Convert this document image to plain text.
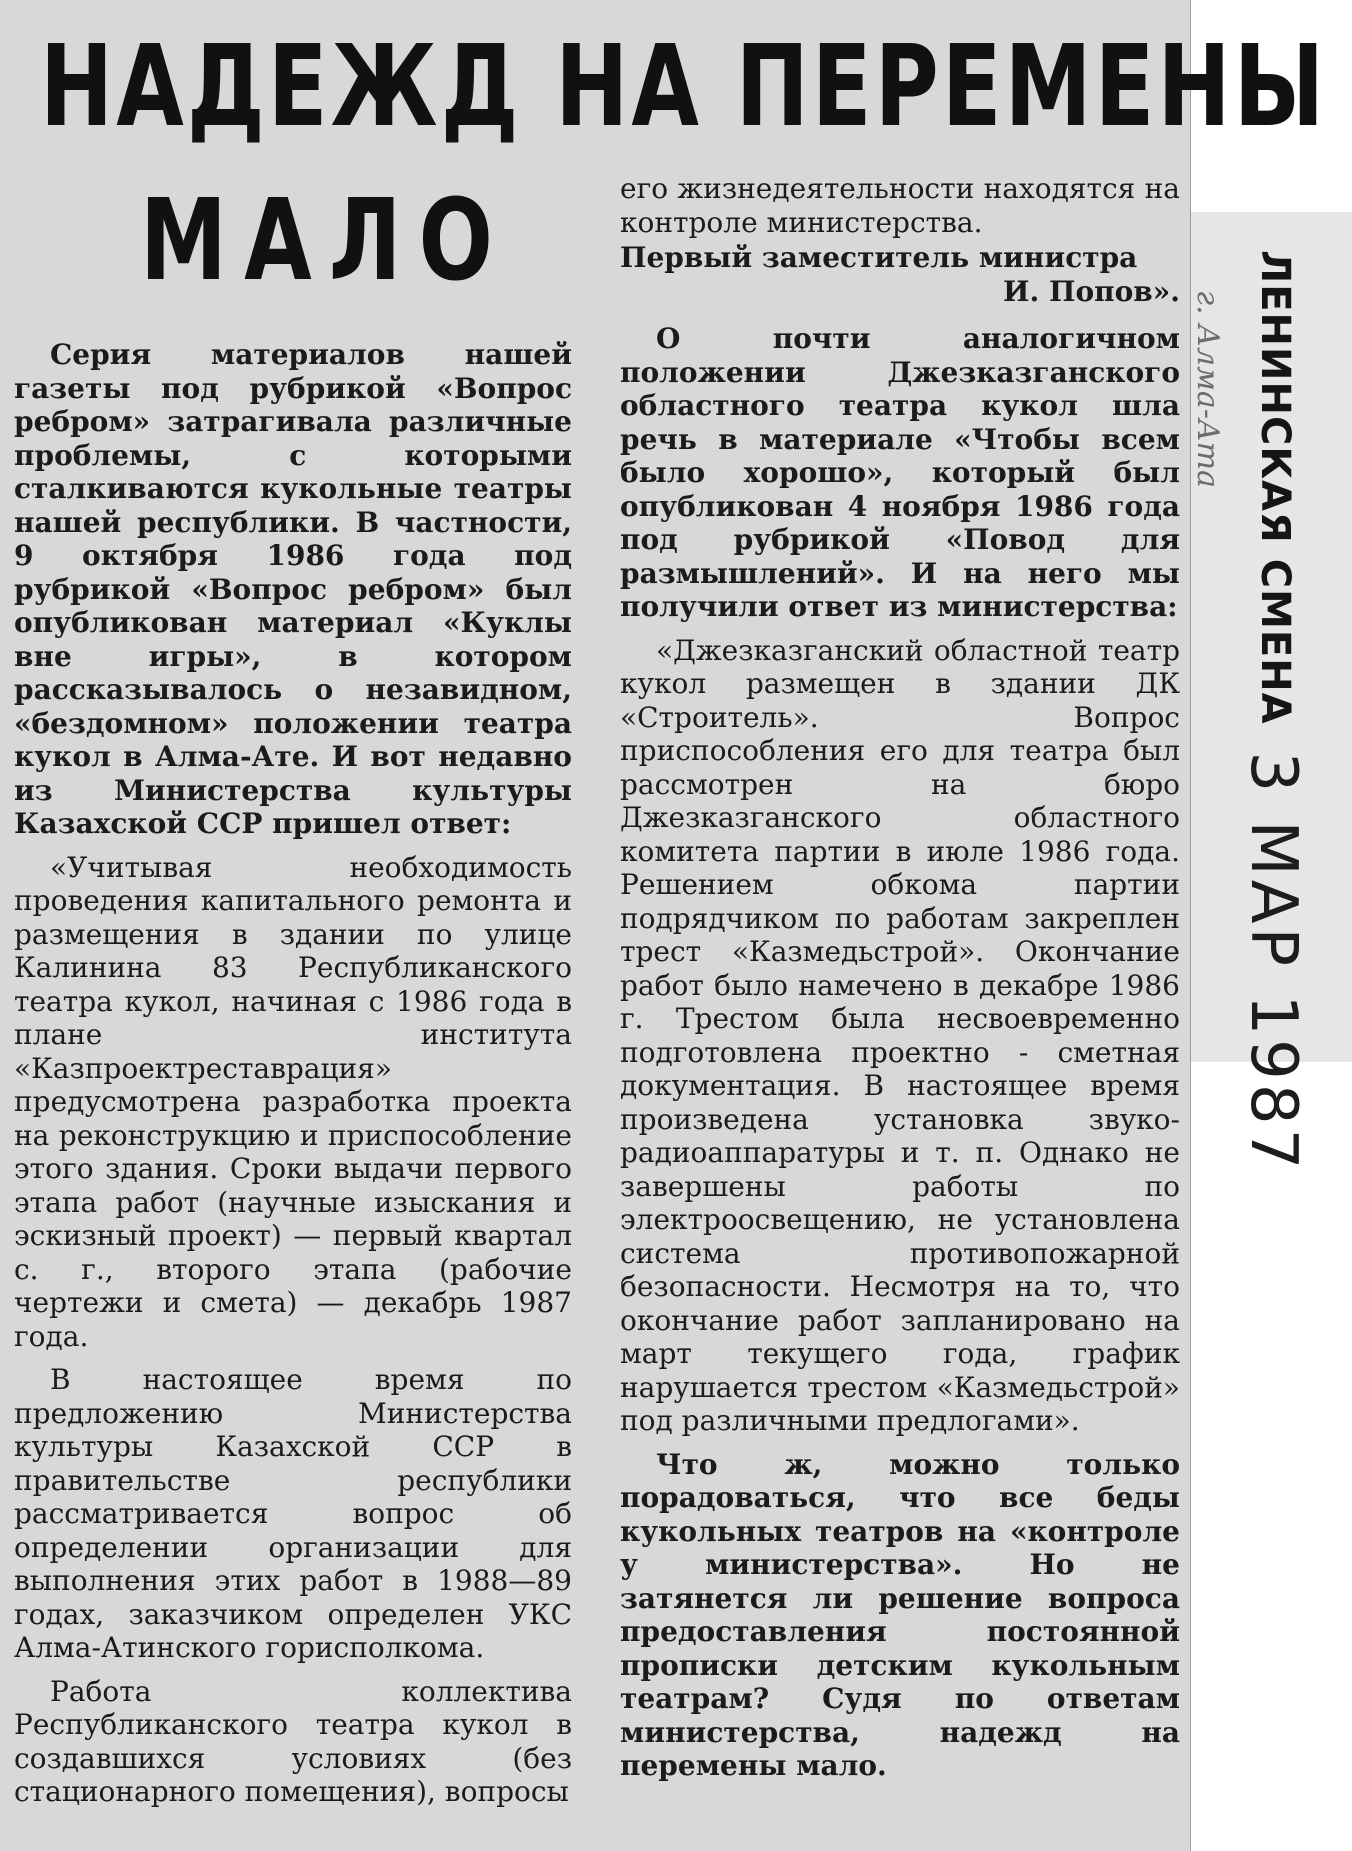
НАДЕЖД НА ПЕРЕМЕНЫ
МАЛО

Серия материалов нашей газеты под рубрикой «Вопрос ребром» затрагивала различные проблемы, с которыми сталкиваются кукольные театры нашей республики. В частности, 9 октября 1986 года под рубрикой «Вопрос ребром» был опубликован материал «Куклы вне игры», в котором рассказывалось о незавидном, «бездомном» положении театра кукол в Алма-Ате. И вот недавно из Министерства культуры Казахской ССР пришел ответ:

«Учитывая необходимость проведения капитального ремонта и размещения в здании по улице Калинина 83 Республиканского театра кукол, начиная с 1986 года в плане института «Казпроектреставрация» предусмотрена разработка проекта на реконструкцию и приспособление этого здания. Сроки выдачи первого этапа работ (научные изыскания и эскизный проект) — первый квартал с. г., второго этапа (рабочие чертежи и смета) — декабрь 1987 года.

В настоящее время по предложению Министерства культуры Казахской ССР в правительстве республики рассматривается вопрос об определении организации для выполнения этих работ в 1988—89 годах, заказчиком определен УКС Алма-Атинского горисполкома.

Работа коллектива Республиканского театра кукол в создавшихся условиях (без стационарного помещения), вопросы

его жизнедеятельности находятся на контроле министерства.

Первый заместитель министра

И. Попов».

О почти аналогичном положении Джезказганского областного театра кукол шла речь в материале «Чтобы всем было хорошо», который был опубликован 4 ноября 1986 года под рубрикой «Повод для размышлений». И на него мы получили ответ из министерства:

«Джезказганский областной театр кукол размещен в здании ДК «Строитель». Вопрос приспособления его для театра был рассмотрен на бюро Джезказганского областного комитета партии в июле 1986 года. Решением обкома партии подрядчиком по работам закреплен трест «Казмедьстрой». Окончание работ было намечено в декабре 1986 г. Трестом была несвоевременно подготовлена проектно - сметная документация. В настоящее время произведена установка звуко-радиоаппаратуры и т. п. Однако не завершены работы по электроосвещению, не установлена система противопожарной безопасности. Несмотря на то, что окончание работ запланировано на март текущего года, график нарушается трестом «Казмедьстрой» под различными предлогами».

Что ж, можно только порадоваться, что все беды кукольных театров на «контроле у министерства». Но не затянется ли решение вопроса предоставления постоянной прописки детским кукольным театрам? Судя по ответам министерства, надежд на перемены мало.

ЛЕНИНСКАЯ СМЕНА
г. Алма-Ата
- 3 МАР 1987
